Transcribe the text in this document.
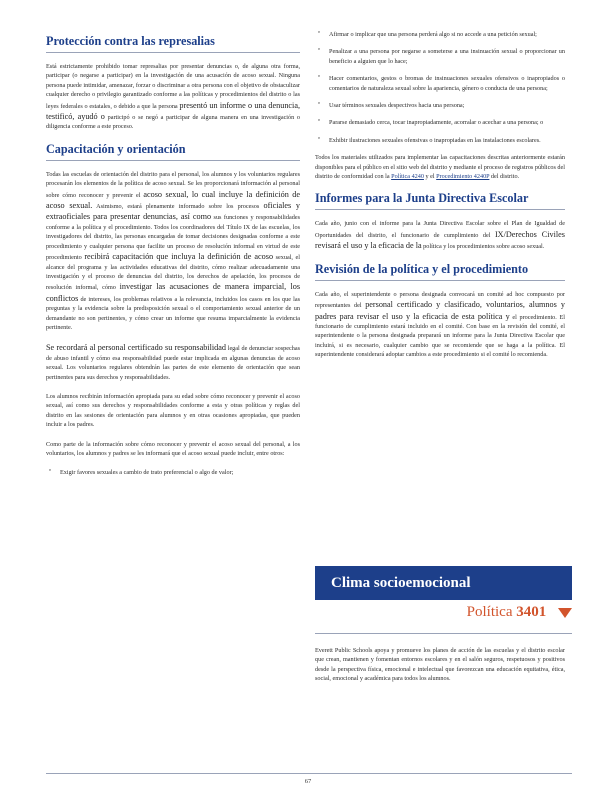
Protección contra las represalias

Está estrictamente prohibido tomar represalias por presentar denuncias o, de alguna otra forma, participar (o negarse a participar) en la investigación de una acusación de acoso sexual. Ninguna persona puede intimidar, amenazar, forzar o discriminar a otra persona con el objetivo de obstaculizar cualquier derecho o privilegio garantizado conforme a las políticas y procedimientos del distrito o las leyes federales o estatales, o debido a que la persona presentó un informe o una denuncia, testificó, ayudó o participó o se negó a participar de alguna manera en una investigación o diligencia conforme a este proceso.

Capacitación y orientación

Todas las escuelas de orientación del distrito para el personal, los alumnos y los voluntarios regulares procesarán los elementos de la política de acoso sexual. Se les proporcionará información al personal sobre cómo reconocer y prevenir el acoso sexual, lo cual incluye la definición de acoso sexual. Asimismo, estará plenamente informado sobre los procesos oficiales y extraoficiales para presentar denuncias, así como sus funciones y responsabilidades conforme a la política y el procedimiento. Todos los coordinadores del Título IX de las escuelas, los investigadores del distrito, las personas encargadas de tomar decisiones designadas conforme a este procedimiento y cualquier persona que facilite un proceso de resolución informal en virtud de este procedimiento recibirá capacitación que incluya la definición de acoso sexual, el alcance del programa y las actividades educativas del distrito, cómo realizar adecuadamente una investigación y el proceso de denuncias del distrito, los derechos de apelación, los procesos de resolución informal, cómo investigar las acusaciones de manera imparcial, los conflictos de intereses, los problemas relativos a la relevancia, incluidos los casos en los que las preguntas y la evidencia sobre la predisposición sexual o el comportamiento sexual anterior de un demandante no son pertinentes, y cómo crear un informe que resuma imparcialmente la evidencia pertinente.

Se recordará al personal certificado su responsabilidad legal de denunciar sospechas de abuso infantil y cómo esa responsabilidad puede estar implicada en algunas denuncias de acoso sexual. Los voluntarios regulares obtendrán las partes de este elemento de orientación que sean pertinentes para sus derechos y responsabilidades.

Los alumnos recibirán información apropiada para su edad sobre cómo reconocer y prevenir el acoso sexual, así como sus derechos y responsabilidades conforme a esta y otras políticas y reglas del distrito en las sesiones de orientación para alumnos y en otras ocasiones apropiadas, que pueden incluir a los padres.

Como parte de la información sobre cómo reconocer y prevenir el acoso sexual del personal, a los voluntarios, los alumnos y padres se les informará que el acoso sexual puede incluir, entre otros:

º Exigir favores sexuales a cambio de trato preferencial o algo de valor;
º Afirmar o implicar que una persona perderá algo si no accede a una petición sexual;
º Penalizar a una persona por negarse a someterse a una insinuación sexual o proporcionar un beneficio a alguien que lo hace;
º Hacer comentarios, gestos o bromas de insinuaciones sexuales ofensivos o inapropiados o comentarios de naturaleza sexual sobre la apariencia, género o conducta de una persona;
º Usar términos sexuales despectivos hacia una persona;
º Pararse demasiado cerca, tocar inapropiadamente, acorralar o acechar a una persona; o
º Exhibir ilustraciones sexuales ofensivas o inapropiadas en las instalaciones escolares.

Todos los materiales utilizados para implementar las capacitaciones descritas anteriormente estarán disponibles para el público en el sitio web del distrito y mediante el proceso de registros públicos del distrito de conformidad con la Política 4240 y el Procedimiento 4240P del distrito.

Informes para la Junta Directiva Escolar

Cada año, junio con el informe para la Junta Directiva Escolar sobre el Plan de Igualdad de Oportunidades del distrito, el funcionario de cumplimiento del IX/Derechos Civiles revisará el uso y la eficacia de la política y los procedimientos sobre acoso sexual.

Revisión de la política y el procedimiento

Cada año, el superintendente o persona designada convocará un comité ad hoc compuesto por representantes del personal certificado y clasificado, voluntarios, alumnos y padres para revisar el uso y la eficacia de esta política y el procedimiento. El funcionario de cumplimiento estará incluido en el comité. Con base en la revisión del comité, el superintendente o la persona designada preparará un informe para la Junta Directiva Escolar que incluirá, si es necesario, cualquier cambio que se recomiende que se haga a la política. El superintendente considerará adoptar cambios a este procedimiento si el comité lo recomienda.

Clima socioemocional
Política 3401

Everett Public Schools apoya y promueve los planes de acción de las escuelas y el distrito escolar que crean, mantienen y fomentan entornos escolares y en el salón seguros, respetuosos y positivos desde la perspectiva física, emocional e intelectual que favorezcan una educación equitativa, ética, social, emocional y académica para todos los alumnos.

67
